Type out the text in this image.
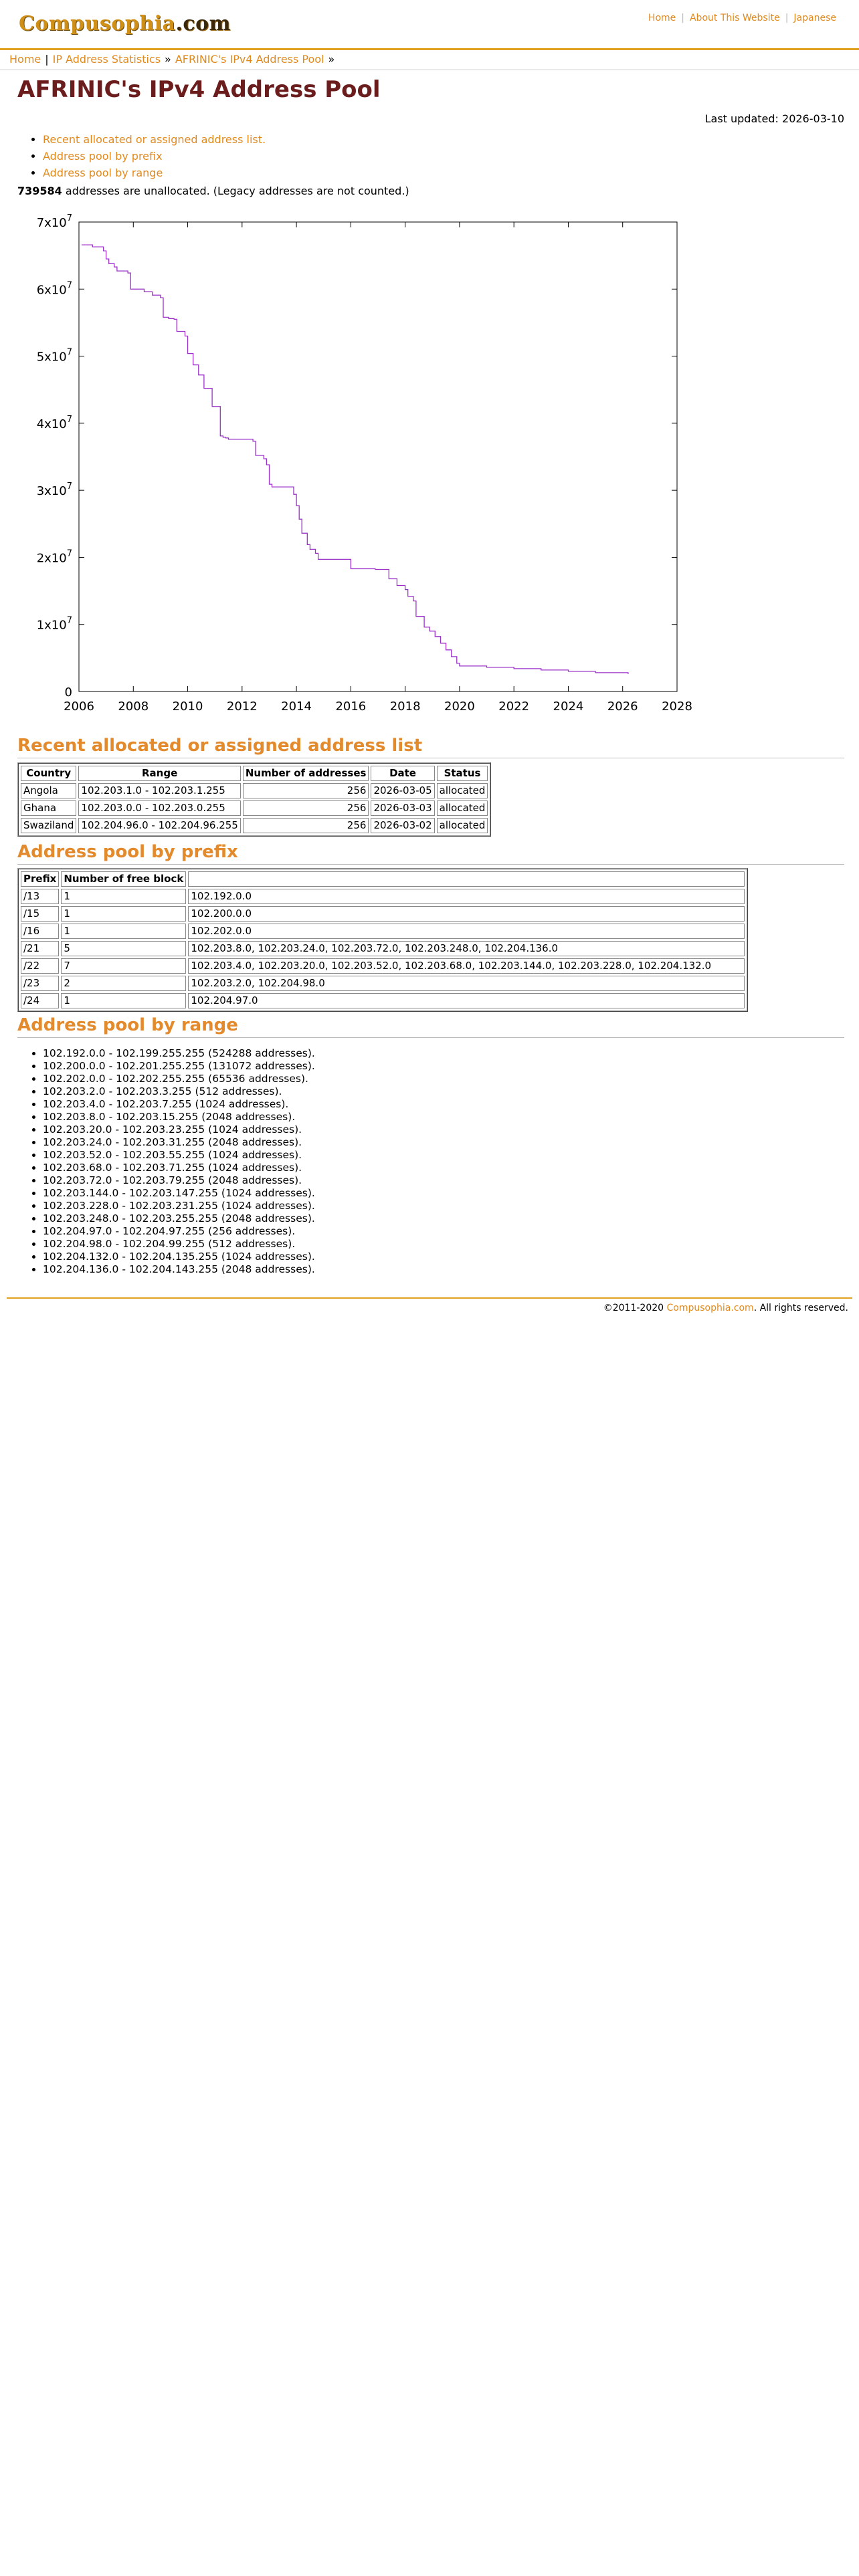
Compusophia.com	Home | About This Website | Japanese
Home | IP Address Statistics » AFRINIC's IPv4 Address Pool »
AFRINIC's IPv4 Address Pool
Last updated: 2026-03-10
• Recent allocated or assigned address list.
• Address pool by prefix
• Address pool by range
739584 addresses are unallocated. (Legacy addresses are not counted.)
2006 2008 2010 2012 2014 2016 2018 2020 2022 2024 2026 2028
0
$1x10^7$
$2x10^7$
$3x10^7$
$4x10^7$
$5x10^7$
$6x10^7$
$7x10^7$
Recent allocated or assigned address list
Country	Range	Number of addresses	Date	Status
Angola	102.203.1.0 - 102.203.1.255	256	2026-03-05	allocated
Ghana	102.203.0.0 - 102.203.0.255	256	2026-03-03	allocated
Swaziland	102.204.96.0 - 102.204.96.255	256	2026-03-02	allocated
Address pool by prefix
Prefix	Number of free block	
/13	1	102.192.0.0
/15	1	102.200.0.0
/16	1	102.202.0.0
/21	5	102.203.8.0, 102.203.24.0, 102.203.72.0, 102.203.248.0, 102.204.136.0
/22	7	102.203.4.0, 102.203.20.0, 102.203.52.0, 102.203.68.0, 102.203.144.0, 102.203.228.0, 102.204.132.0
/23	2	102.203.2.0, 102.204.98.0
/24	1	102.204.97.0
Address pool by range
• 102.192.0.0 - 102.199.255.255 (524288 addresses).
• 102.200.0.0 - 102.201.255.255 (131072 addresses).
• 102.202.0.0 - 102.202.255.255 (65536 addresses).
• 102.203.2.0 - 102.203.3.255 (512 addresses).
• 102.203.4.0 - 102.203.7.255 (1024 addresses).
• 102.203.8.0 - 102.203.15.255 (2048 addresses).
• 102.203.20.0 - 102.203.23.255 (1024 addresses).
• 102.203.24.0 - 102.203.31.255 (2048 addresses).
• 102.203.52.0 - 102.203.55.255 (1024 addresses).
• 102.203.68.0 - 102.203.71.255 (1024 addresses).
• 102.203.72.0 - 102.203.79.255 (2048 addresses).
• 102.203.144.0 - 102.203.147.255 (1024 addresses).
• 102.203.228.0 - 102.203.231.255 (1024 addresses).
• 102.203.248.0 - 102.203.255.255 (2048 addresses).
• 102.204.97.0 - 102.204.97.255 (256 addresses).
• 102.204.98.0 - 102.204.99.255 (512 addresses).
• 102.204.132.0 - 102.204.135.255 (1024 addresses).
• 102.204.136.0 - 102.204.143.255 (2048 addresses).
©2011-2020 Compusophia.com. All rights reserved.
